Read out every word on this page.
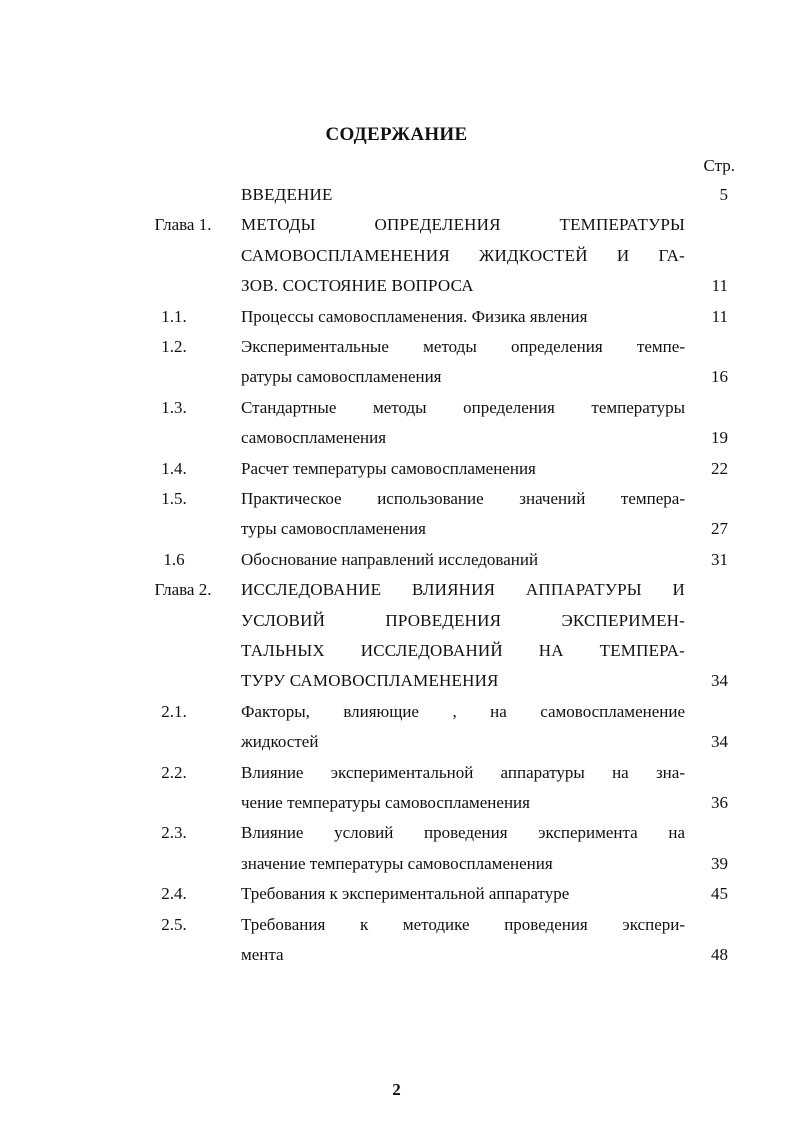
СОДЕРЖАНИЕ
Стр.
ВВЕДЕНИЕ	5
Глава 1.	МЕТОДЫ ОПРЕДЕЛЕНИЯ ТЕМПЕРАТУРЫ
САМОВОСПЛАМЕНЕНИЯ ЖИДКОСТЕЙ И ГА-
ЗОВ. СОСТОЯНИЕ ВОПРОСА	11
1.1.	Процессы самовоспламенения. Физика явления	11
1.2.	Экспериментальные методы определения темпе-
ратуры самовоспламенения	16
1.3.	Стандартные методы определения температуры
самовоспламенения	19
1.4.	Расчет температуры самовоспламенения	22
1.5.	Практическое использование значений темпера-
туры самовоспламенения	27
1.6	Обоснование направлений исследований	31
Глава 2.	ИССЛЕДОВАНИЕ ВЛИЯНИЯ АППАРАТУРЫ И
УСЛОВИЙ ПРОВЕДЕНИЯ ЭКСПЕРИМЕН-
ТАЛЬНЫХ ИССЛЕДОВАНИЙ НА ТЕМПЕРА-
ТУРУ САМОВОСПЛАМЕНЕНИЯ	34
2.1.	Факторы, влияющие , на самовоспламенение
жидкостей	34
2.2.	Влияние экспериментальной аппаратуры на зна-
чение температуры самовоспламенения	36
2.3.	Влияние условий проведения эксперимента на
значение температуры самовоспламенения	39
2.4.	Требования к экспериментальной аппаратуре	45
2.5.	Требования к методике проведения экспери-
мента	48
2
